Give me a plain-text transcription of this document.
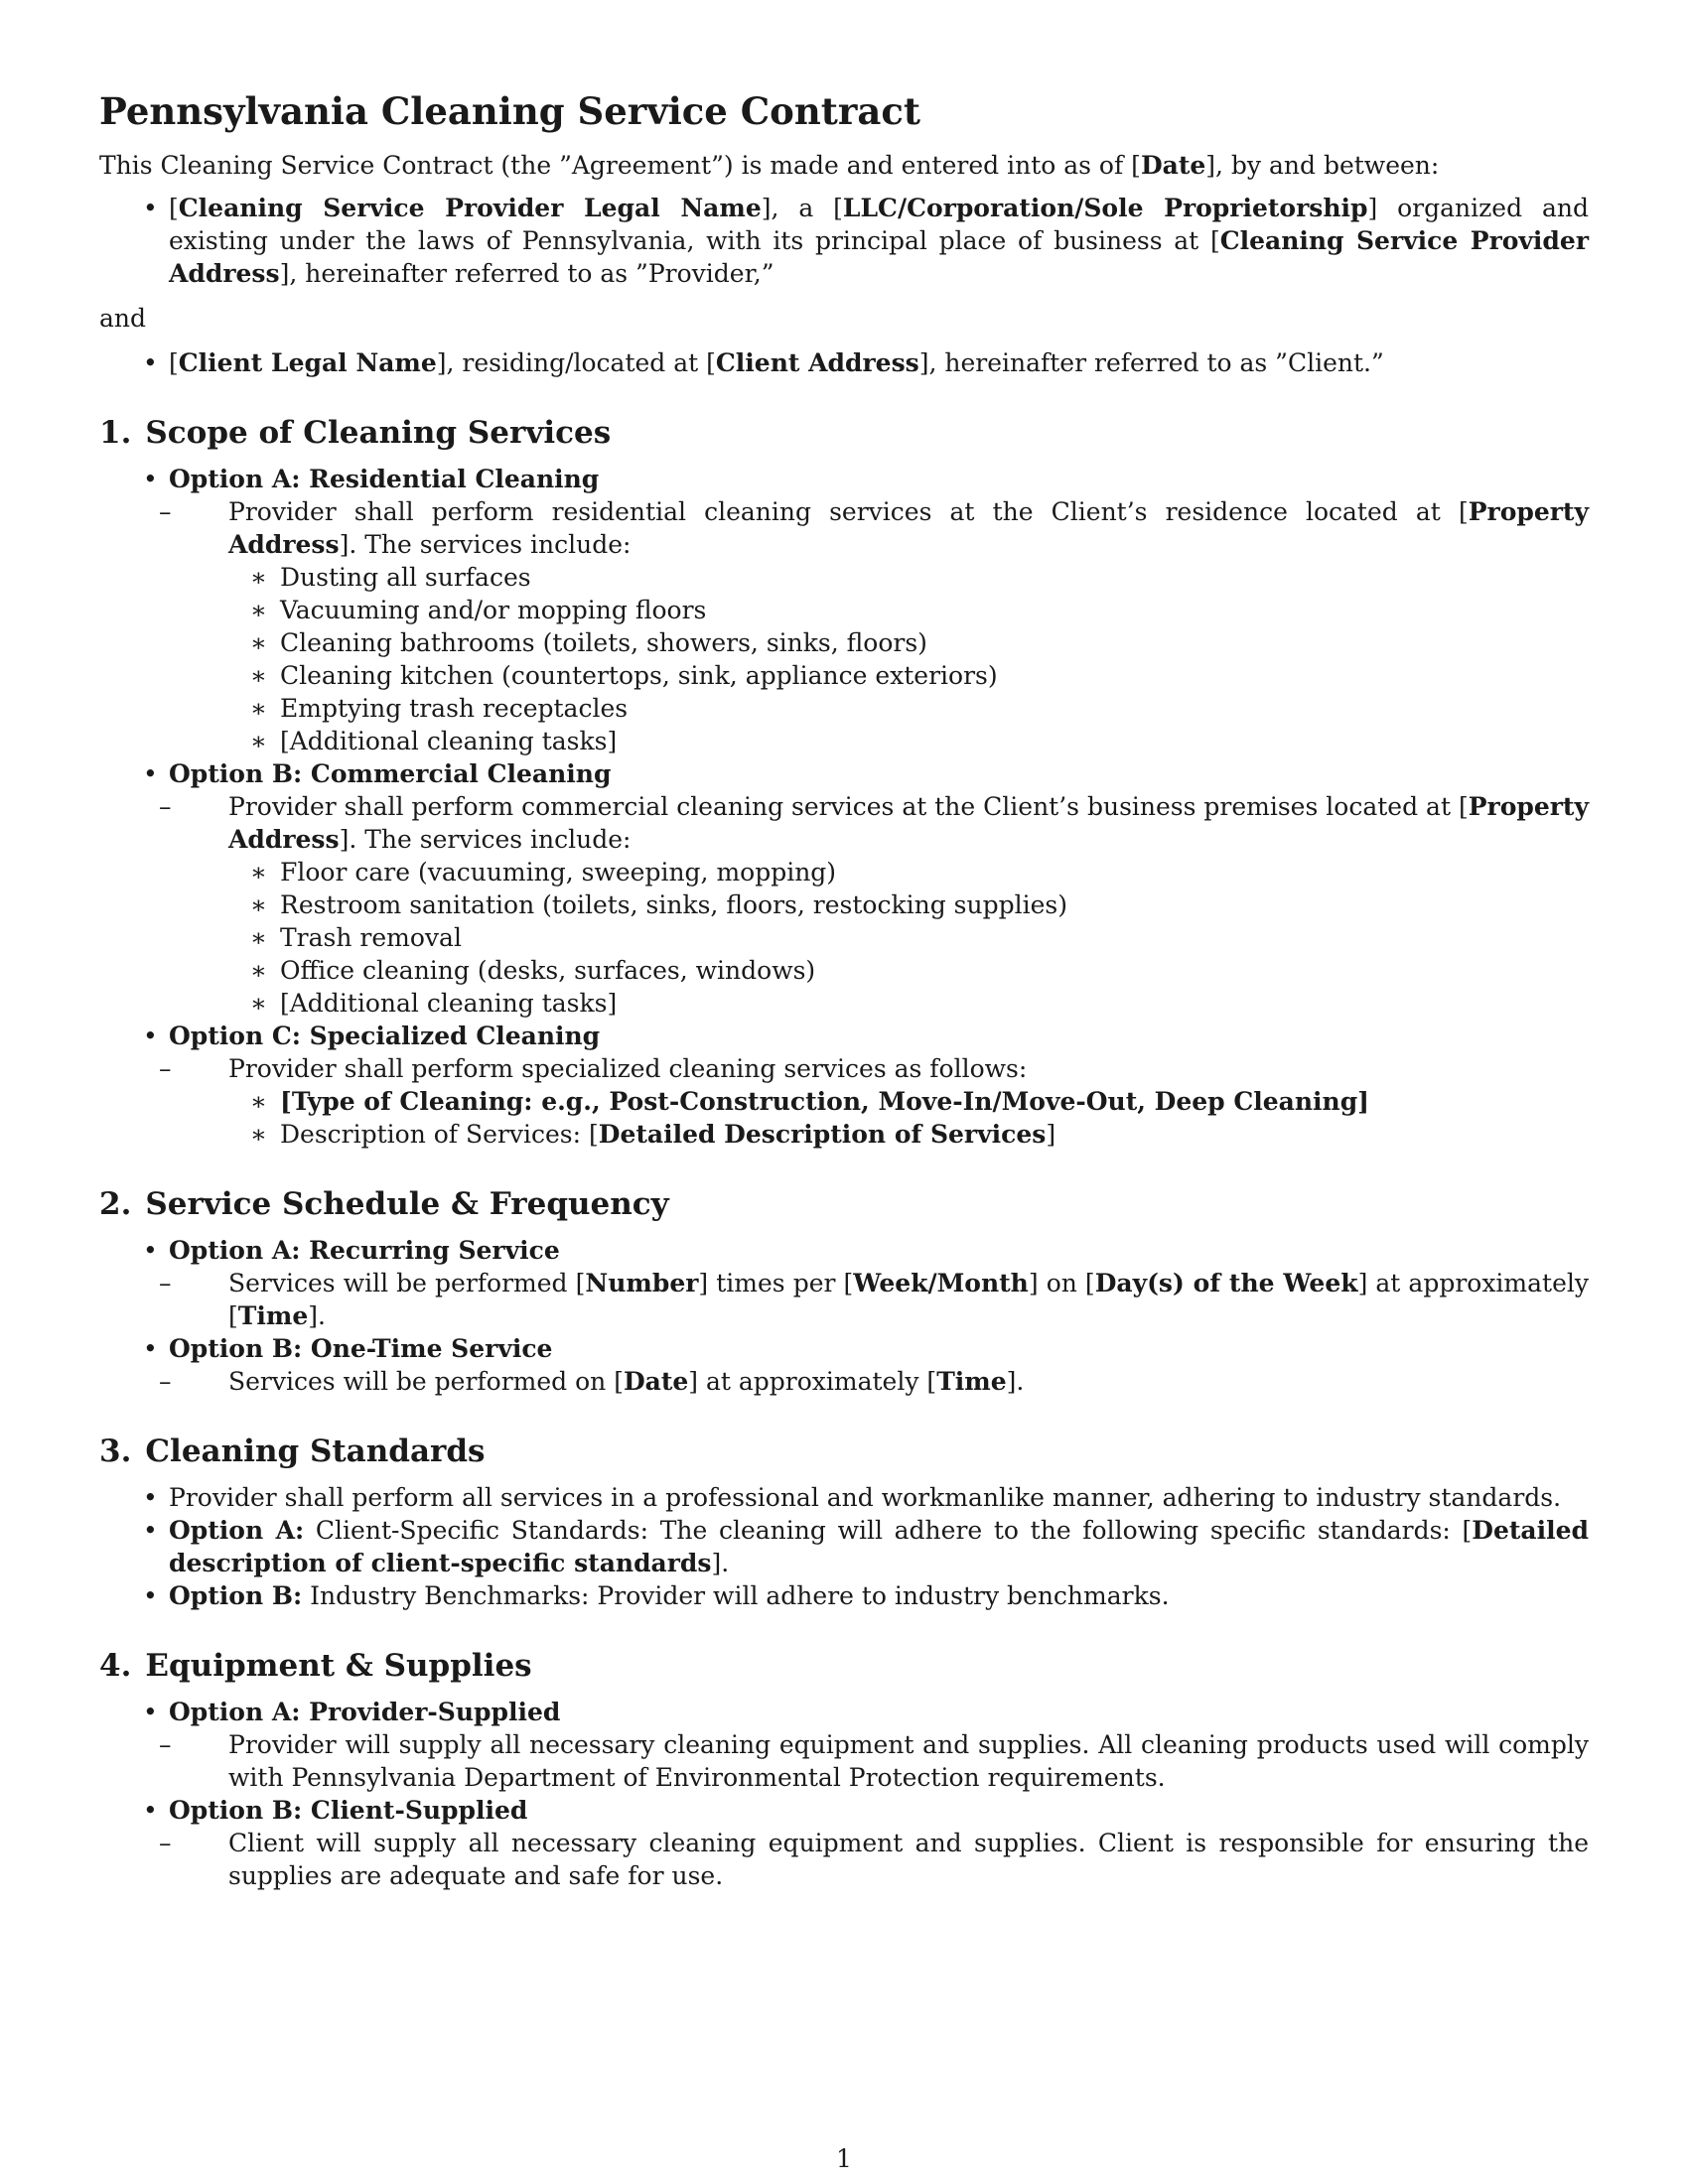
Pennsylvania Cleaning Service Contract

This Cleaning Service Contract (the ”Agreement”) is made and entered into as of [Date], by and between:

• [Cleaning Service Provider Legal Name], a [LLC/Corporation/Sole Proprietorship] organized and existing under the laws of Pennsylvania, with its principal place of business at [Cleaning Service Provider Address], hereinafter referred to as ”Provider,”

and

• [Client Legal Name], residing/located at [Client Address], hereinafter referred to as ”Client.”
1. Scope of Cleaning Services
• Option A: Residential Cleaning
– Provider shall perform residential cleaning services at the Client’s residence located at [Property Address]. The services include:
∗ Dusting all surfaces
∗ Vacuuming and/or mopping floors
∗ Cleaning bathrooms (toilets, showers, sinks, floors)
∗ Cleaning kitchen (countertops, sink, appliance exteriors)
∗ Emptying trash receptacles
∗ [Additional cleaning tasks]
• Option B: Commercial Cleaning
– Provider shall perform commercial cleaning services at the Client’s business premises located at [Property Address]. The services include:
∗ Floor care (vacuuming, sweeping, mopping)
∗ Restroom sanitation (toilets, sinks, floors, restocking supplies)
∗ Trash removal
∗ Office cleaning (desks, surfaces, windows)
∗ [Additional cleaning tasks]
• Option C: Specialized Cleaning
– Provider shall perform specialized cleaning services as follows:
∗ [Type of Cleaning: e.g., Post-Construction, Move-In/Move-Out, Deep Cleaning]
∗ Description of Services: [Detailed Description of Services]
2. Service Schedule & Frequency
• Option A: Recurring Service
– Services will be performed [Number] times per [Week/Month] on [Day(s) of the Week] at approximately [Time].
• Option B: One-Time Service
– Services will be performed on [Date] at approximately [Time].
3. Cleaning Standards
• Provider shall perform all services in a professional and workmanlike manner, adhering to industry standards.
• Option A: Client-Specific Standards: The cleaning will adhere to the following specific standards: [Detailed description of client-specific standards].
• Option B: Industry Benchmarks: Provider will adhere to industry benchmarks.
4. Equipment & Supplies
• Option A: Provider-Supplied
– Provider will supply all necessary cleaning equipment and supplies. All cleaning products used will comply with Pennsylvania Department of Environmental Protection requirements.
• Option B: Client-Supplied
– Client will supply all necessary cleaning equipment and supplies. Client is responsible for ensuring the supplies are adequate and safe for use.
1
